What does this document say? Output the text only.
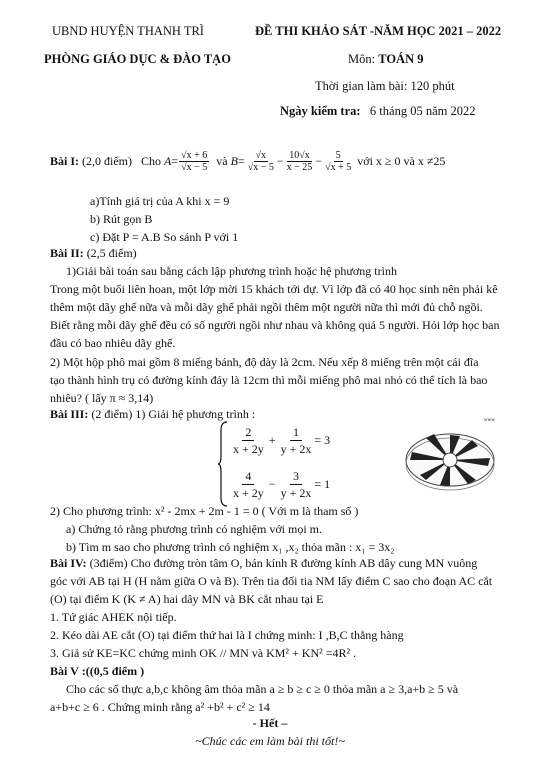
UBND HUYỆN THANH TRÌ
PHÒNG GIÁO DỤC & ĐÀO TẠO
ĐỀ THI KHẢO SÁT -NĂM HỌC 2021 – 2022
Môn: TOÁN 9
Thời gian làm bài: 120 phút
Ngày kiểm tra: 6 tháng 05 năm 2022
Bài I:
(2,0 điểm)
Cho
$A = \frac{√x + 6}{√x - 5}$
và
$B = \frac{√x}{√x - 5} - \frac{10√x}{x - 25} - \frac{5}{√x + 5}$
với x ≥ 0 và x ≠25
a)Tính giá trị của A khi x = 9
b) Rút gọn B
c) Đặt P = A.B So sánh P với 1
Bài II: (2,5 điểm)
1)Giải bài toán sau bằng cách lập phương trình hoặc hệ phương trình
Trong một buổi liên hoan, một lớp mời 15 khách tới dự. Vì lớp đã có 40 học sinh nên phải kê
thêm một dãy ghế nữa và mỗi dãy ghế phải ngồi thêm một người nữa thì mới đủ chỗ ngồi.
Biết rằng mỗi dãy ghế đều có số người ngồi như nhau và không quá 5 người. Hỏi lớp học ban
đầu có bao nhiêu dãy ghế.
2) Một hộp phô mai gồm 8 miếng bánh, độ dày là 2cm. Nếu xếp 8 miếng trên một cái đĩa
tạo thành hình trụ có đường kính đáy là 12cm thì mỗi miếng phô mai nhỏ có thể tích là bao
nhiêu? ( lấy π ≈ 3,14)
Bài III: (2 điểm) 1) Giải hệ phương trình :
$\frac{2}{x + 2y} + \frac{1}{y + 2x} = 3$
$\frac{4}{x + 2y} - \frac{3}{y + 2x} = 1$
www
2) Cho phương trình: x² - 2mx + 2m - 1 = 0 ( Với m là tham số )
a) Chứng tỏ rằng phương trình có nghiệm với mọi m.
b) Tìm m sao cho phương trình có nghiệm x₁ ,x₂ thỏa mãn : x₁ = 3x₂
Bài IV: (3điểm) Cho đường tròn tâm O, bán kính R đường kính AB dây cung MN vuông
góc với AB tại H (H nằm giữa O và B). Trên tia đối tia NM lấy điểm C sao cho đoạn AC cắt
(O) tại điểm K (K ≠ A) hai dây MN và BK cắt nhau tại E
1. Tứ giác AHEK nội tiếp.
2. Kéo dài AE cắt (O) tại điểm thứ hai là I chứng minh: I ,B,C thẳng hàng
3. Giả sử KE=KC chứng minh OK // MN và KM² + KN² =4R² .
Bài V :((0,5 điểm )
Cho các số thực a,b,c không âm thỏa mãn a ≥ b ≥ c ≥ 0 thỏa mãn a ≥ 3,a+b ≥ 5 và
a+b+c ≥ 6 . Chứng minh rằng a² +b² + c² ≥ 14
- Hết –
~Chúc các em làm bài thi tốt!~
